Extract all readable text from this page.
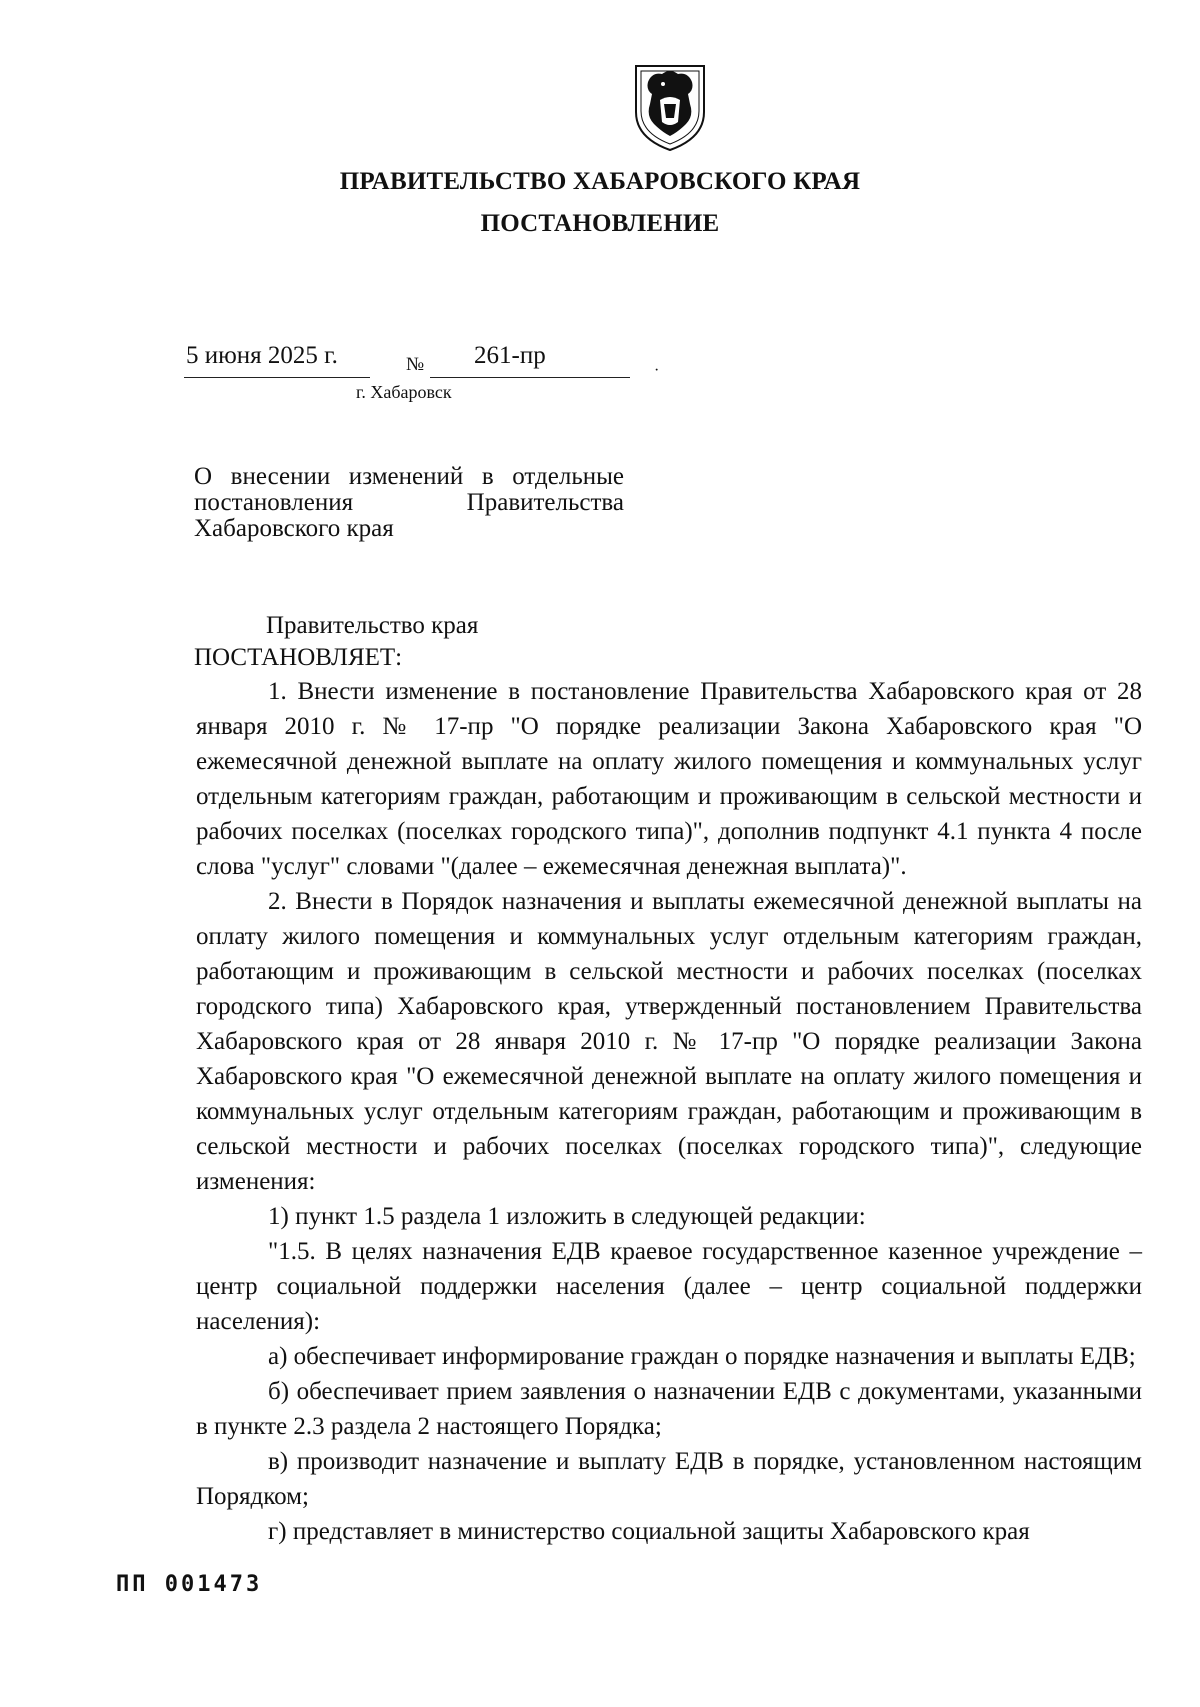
ПРАВИТЕЛЬСТВО ХАБАРОВСКОГО КРАЯ
ПОСТАНОВЛЕНИЕ
5 июня 2025 г.	№ 261-пр
·
г. Хабаровск
О внесении изменений в отдельные
постановления Правительства
Хабаровского края
Правительство края
ПОСТАНОВЛЯЕТ:

1. Внести изменение в постановление Правительства Хабаровского края от 28 января 2010 г. № 17-пр "О порядке реализации Закона Хабаровского края "О ежемесячной денежной выплате на оплату жилого помещения и коммунальных услуг отдельным категориям граждан, работающим и проживающим в сельской местности и рабочих поселках (поселках городского типа)", дополнив подпункт 4.1 пункта 4 после слова "услуг" словами "(далее – ежемесячная денежная выплата)".

2. Внести в Порядок назначения и выплаты ежемесячной денежной выплаты на оплату жилого помещения и коммунальных услуг отдельным категориям граждан, работающим и проживающим в сельской местности и рабочих поселках (поселках городского типа) Хабаровского края, утвержденный постановлением Правительства Хабаровского края от 28 января 2010 г. № 17-пр "О порядке реализации Закона Хабаровского края "О ежемесячной денежной выплате на оплату жилого помещения и коммунальных услуг отдельным категориям граждан, работающим и проживающим в сельской местности и рабочих поселках (поселках городского типа)", следующие изменения:

1) пункт 1.5 раздела 1 изложить в следующей редакции:

"1.5. В целях назначения ЕДВ краевое государственное казенное учреждение – центр социальной поддержки населения (далее – центр социальной поддержки населения):

а) обеспечивает информирование граждан о порядке назначения и выплаты ЕДВ;

б) обеспечивает прием заявления о назначении ЕДВ с документами, указанными в пункте 2.3 раздела 2 настоящего Порядка;

в) производит назначение и выплату ЕДВ в порядке, установленном настоящим Порядком;

г) представляет в министерство социальной защиты Хабаровского края

ПП 001473
